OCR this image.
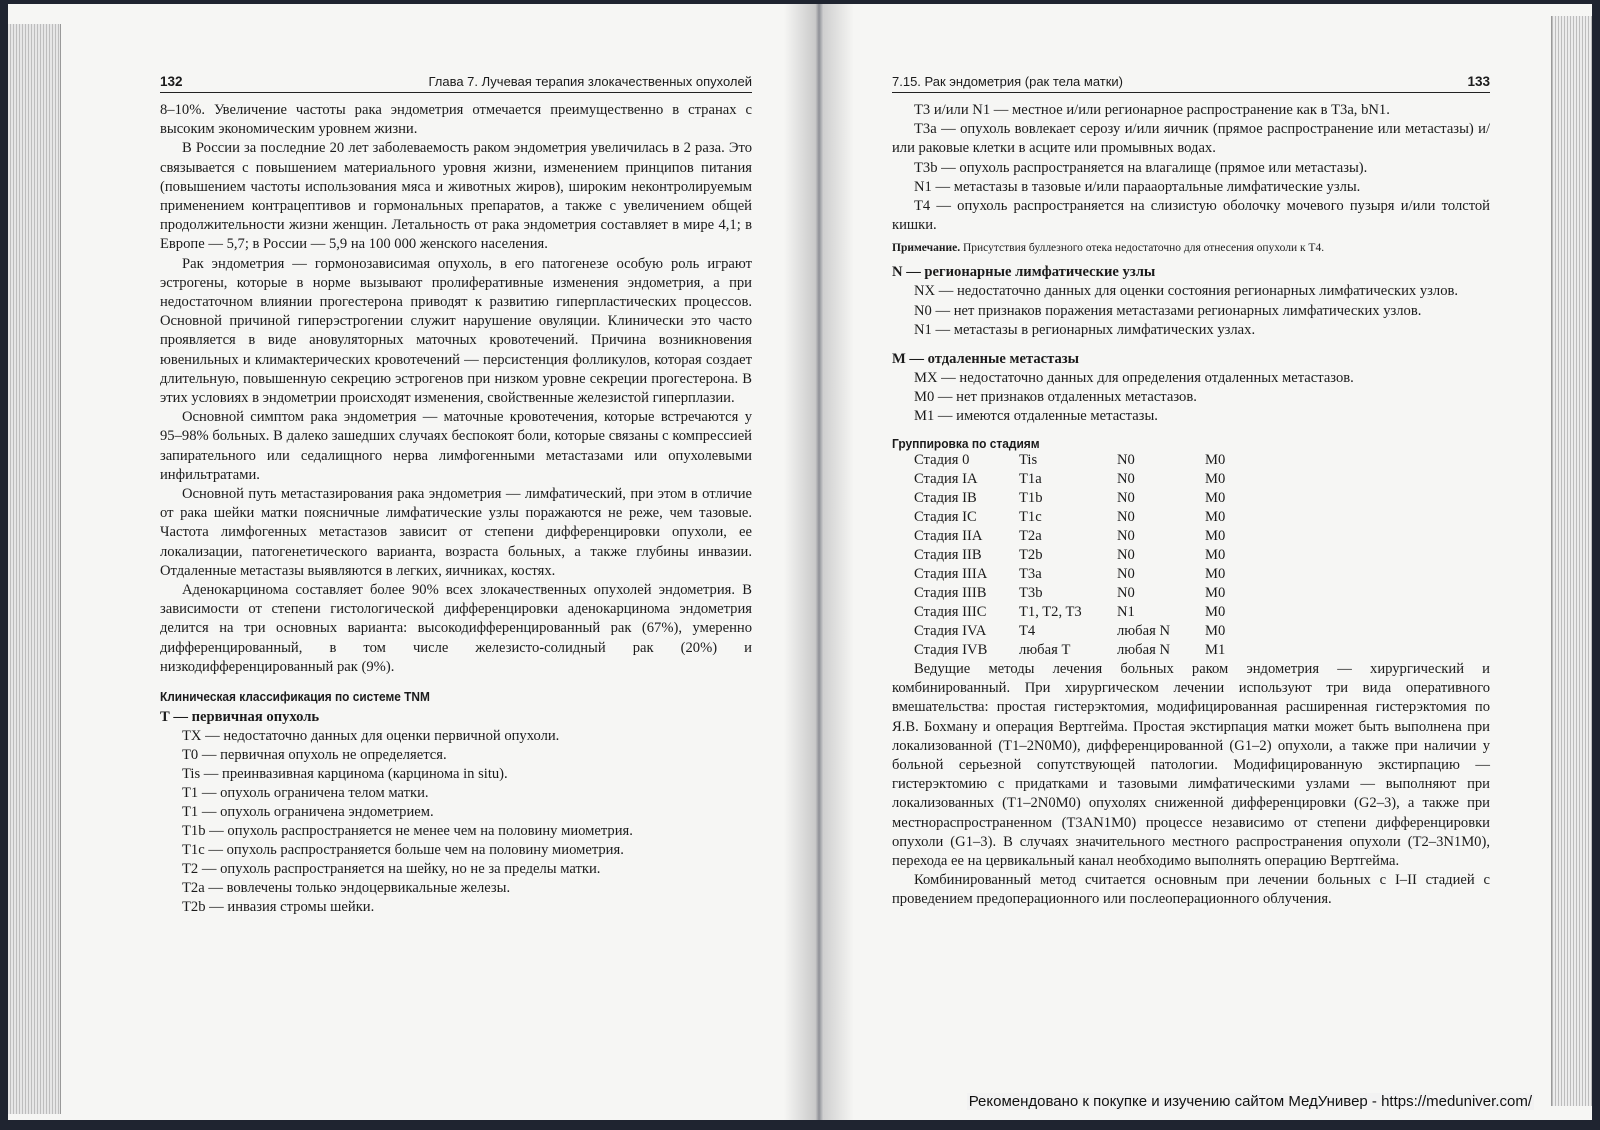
132	Глава 7. Лучевая терапия злокачественных опухолей

8–10%. Увеличение частоты рака эндометрия отмечается преимущественно в странах с высоким экономическим уровнем жизни.

В России за последние 20 лет заболеваемость раком эндометрия увеличилась в 2 раза. Это связывается с повышением материального уровня жизни, изменением принципов питания (повышением частоты использования мяса и животных жиров), широким неконтролируемым применением контрацептивов и гормональных препаратов, а также с увеличением общей продолжительности жизни женщин. Летальность от рака эндометрия составляет в мире 4,1; в Европе — 5,7; в России — 5,9 на 100 000 женского населения.

Рак эндометрия — гормонозависимая опухоль, в его патогенезе особую роль играют эстрогены, которые в норме вызывают пролиферативные изменения эндометрия, а при недостаточном влиянии прогестерона приводят к развитию гиперпластических процессов. Основной причиной гиперэстрогении служит нарушение овуляции. Клинически это часто проявляется в виде ановуляторных маточных кровотечений. Причина возникновения ювенильных и климактерических кровотечений — персистенция фолликулов, которая создает длительную, повышенную секрецию эстрогенов при низком уровне секреции прогестерона. В этих условиях в эндометрии происходят изменения, свойственные железистой гиперплазии.

Основной симптом рака эндометрия — маточные кровотечения, которые встречаются у 95–98% больных. В далеко зашедших случаях беспокоят боли, которые связаны с компрессией запирательного или седалищного нерва лимфогенными метастазами или опухолевыми инфильтратами.

Основной путь метастазирования рака эндометрия — лимфатический, при этом в отличие от рака шейки матки поясничные лимфатические узлы поражаются не реже, чем тазовые. Частота лимфогенных метастазов зависит от степени дифференцировки опухоли, ее локализации, патогенетического варианта, возраста больных, а также глубины инвазии. Отдаленные метастазы выявляются в легких, яичниках, костях.

Аденокарцинома составляет более 90% всех злокачественных опухолей эндометрия. В зависимости от степени гистологической дифференцировки аденокарцинома эндометрия делится на три основных варианта: высокодифференцированный рак (67%), умеренно дифференцированный, в том числе железисто-солидный рак (20%) и низкодифференцированный рак (9%).

Клиническая классификация по системе TNM
Т — первичная опухоль

TX — недостаточно данных для оценки первичной опухоли.

T0 — первичная опухоль не определяется.

Tis — преинвазивная карцинома (карцинома in situ).

T1 — опухоль ограничена телом матки.

T1 — опухоль ограничена эндометрием.

T1b — опухоль распространяется не менее чем на половину миометрия.

T1c — опухоль распространяется больше чем на половину миометрия.

T2 — опухоль распространяется на шейку, но не за пределы матки.

T2a — вовлечены только эндоцервикальные железы.

T2b — инвазия стромы шейки.

7.15. Рак эндометрия (рак тела матки)	133

T3 и/или N1 — местное и/или регионарное распространение как в T3a, bN1.

T3a — опухоль вовлекает серозу и/или яичник (прямое распространение или метастазы) и/или раковые клетки в асците или промывных водах.

T3b — опухоль распространяется на влагалище (прямое или метастазы).

N1 — метастазы в тазовые и/или парааортальные лимфатические узлы.

T4 — опухоль распространяется на слизистую оболочку мочевого пузыря и/или толстой кишки.

Примечание. Присутствия буллезного отека недостаточно для отнесения опухоли к T4.

N — регионарные лимфатические узлы

NX — недостаточно данных для оценки состояния регионарных лимфатических узлов.

N0 — нет признаков поражения метастазами регионарных лимфатических узлов.

N1 — метастазы в регионарных лимфатических узлах.

M — отдаленные метастазы

MX — недостаточно данных для определения отдаленных метастазов.

M0 — нет признаков отдаленных метастазов.

M1 — имеются отдаленные метастазы.

Группировка по стадиям
Стадия 0	Tis	N0	M0
Стадия IA	T1a	N0	M0
Стадия IB	T1b	N0	M0
Стадия IC	T1c	N0	M0
Стадия IIA	T2a	N0	M0
Стадия IIB	T2b	N0	M0
Стадия IIIA	T3a	N0	M0
Стадия IIIB	T3b	N0	M0
Стадия IIIC	T1, T2, T3	N1	M0
Стадия IVA	T4	любая N	M0
Стадия IVB	любая T	любая N	M1

Ведущие методы лечения больных раком эндометрия — хирургический и комбинированный. При хирургическом лечении используют три вида оперативного вмешательства: простая гистерэктомия, модифицированная расширенная гистерэктомия по Я.В. Бохману и операция Вертгейма. Простая экстирпация матки может быть выполнена при локализованной (T1–2N0M0), дифференцированной (G1–2) опухоли, а также при наличии у больной серьезной сопутствующей патологии. Модифицированную экстирпацию — гистерэктомию с придатками и тазовыми лимфатическими узлами — выполняют при локализованных (T1–2N0M0) опухолях сниженной дифференцировки (G2–3), а также при местнораспространенном (T3AN1M0) процессе независимо от степени дифференцировки опухоли (G1–3). В случаях значительного местного распространения опухоли (T2–3N1M0), перехода ее на цервикальный канал необходимо выполнять операцию Вертгейма.

Комбинированный метод считается основным при лечении больных с I–II стадией с проведением предоперационного или послеоперационного облучения.

Рекомендовано к покупке и изучению сайтом МедУнивер - https://meduniver.com/
